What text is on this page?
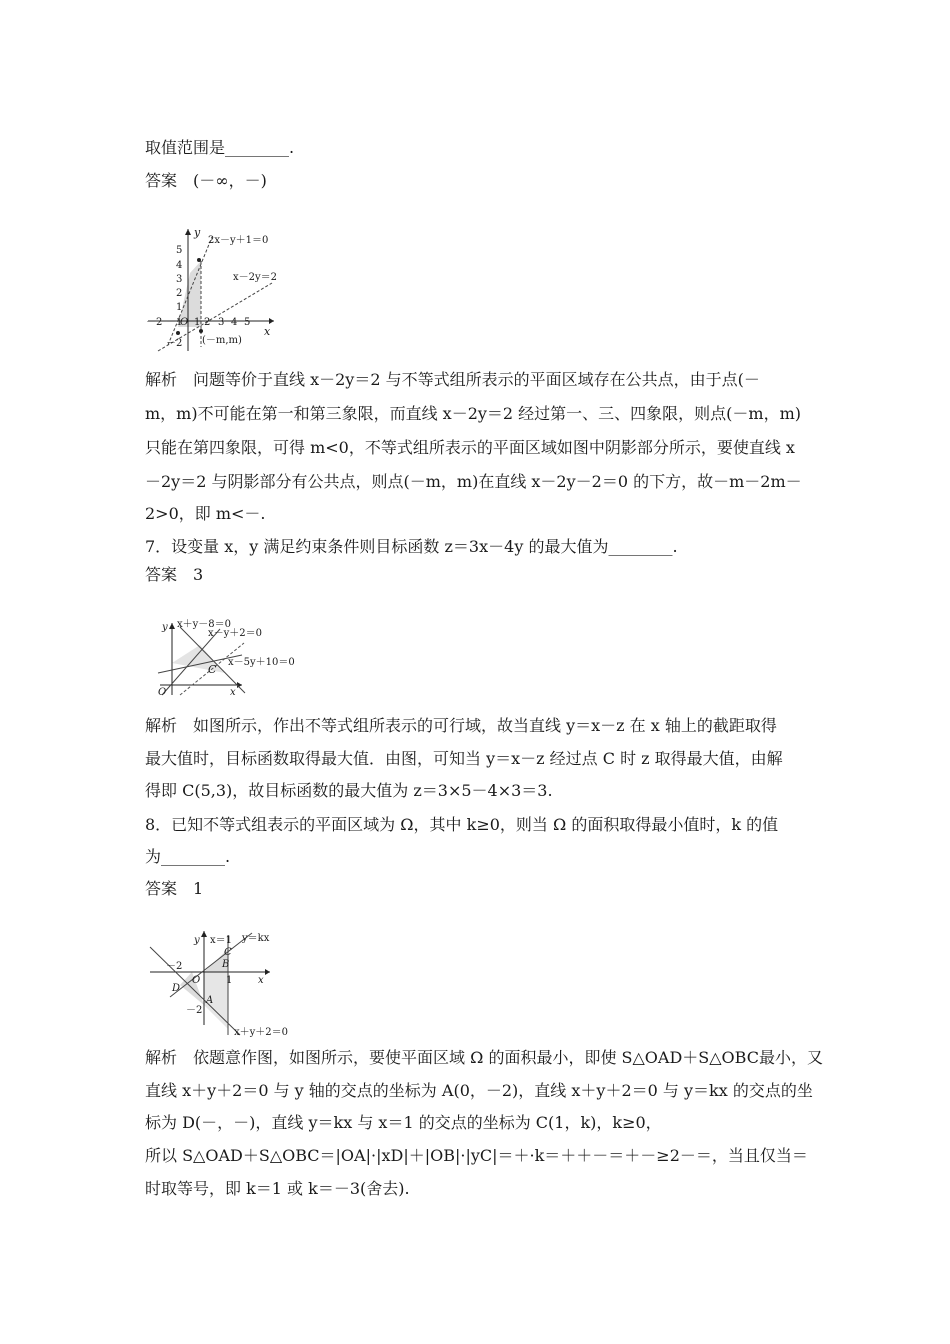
取值范围是________.
答案　(－∞，－)
y
x
2x－y＋1＝0
x－2y＝2
O
(－m,m)
5
4
3
2
1
－2
－2 －1 1 2 3 4 5
解析　问题等价于直线 x－2y＝2 与不等式组所表示的平面区域存在公共点，由于点(－
m，m)不可能在第一和第三象限，而直线 x－2y＝2 经过第一、三、四象限，则点(－m，m)
只能在第四象限，可得 m<0，不等式组所表示的平面区域如图中阴影部分所示，要使直线 x
－2y＝2 与阴影部分有公共点，则点(－m，m)在直线 x－2y－2＝0 的下方，故－m－2m－
2>0，即 m<－.
7．设变量 x，y 满足约束条件则目标函数 z＝3x－4y 的最大值为________.
答案　3
y
x
O
x＋y－8＝0
x－y＋2＝0
x－5y＋10＝0
C
解析　如图所示，作出不等式组所表示的可行域，故当直线 y＝x－z 在 x 轴上的截距取得
最大值时，目标函数取得最大值．由图，可知当 y＝x－z 经过点 C 时 z 取得最大值，由解
得即 C(5,3)，故目标函数的最大值为 z＝3×5－4×3＝3.
8．已知不等式组表示的平面区域为 Ω，其中 k≥0，则当 Ω 的面积取得最小值时，k 的值
为________.
答案　1
y
x
x＝1 y＝kx
x＋y＋2＝0
O
A
B
C
D
－2
－2
1
解析　依题意作图，如图所示，要使平面区域 Ω 的面积最小，即使 S△OAD＋S△OBC最小，又
直线 x＋y＋2＝0 与 y 轴的交点的坐标为 A(0，－2)，直线 x＋y＋2＝0 与 y＝kx 的交点的坐
标为 D(－，－)，直线 y＝kx 与 x＝1 的交点的坐标为 C(1，k)，k≥0，
所以 S△OAD＋S△OBC＝|OA|·|xD|＋|OB|·|yC|＝＋·k＝＋＋－＝＋－≥2－＝，当且仅当＝
时取等号，即 k＝1 或 k＝－3(舍去).
